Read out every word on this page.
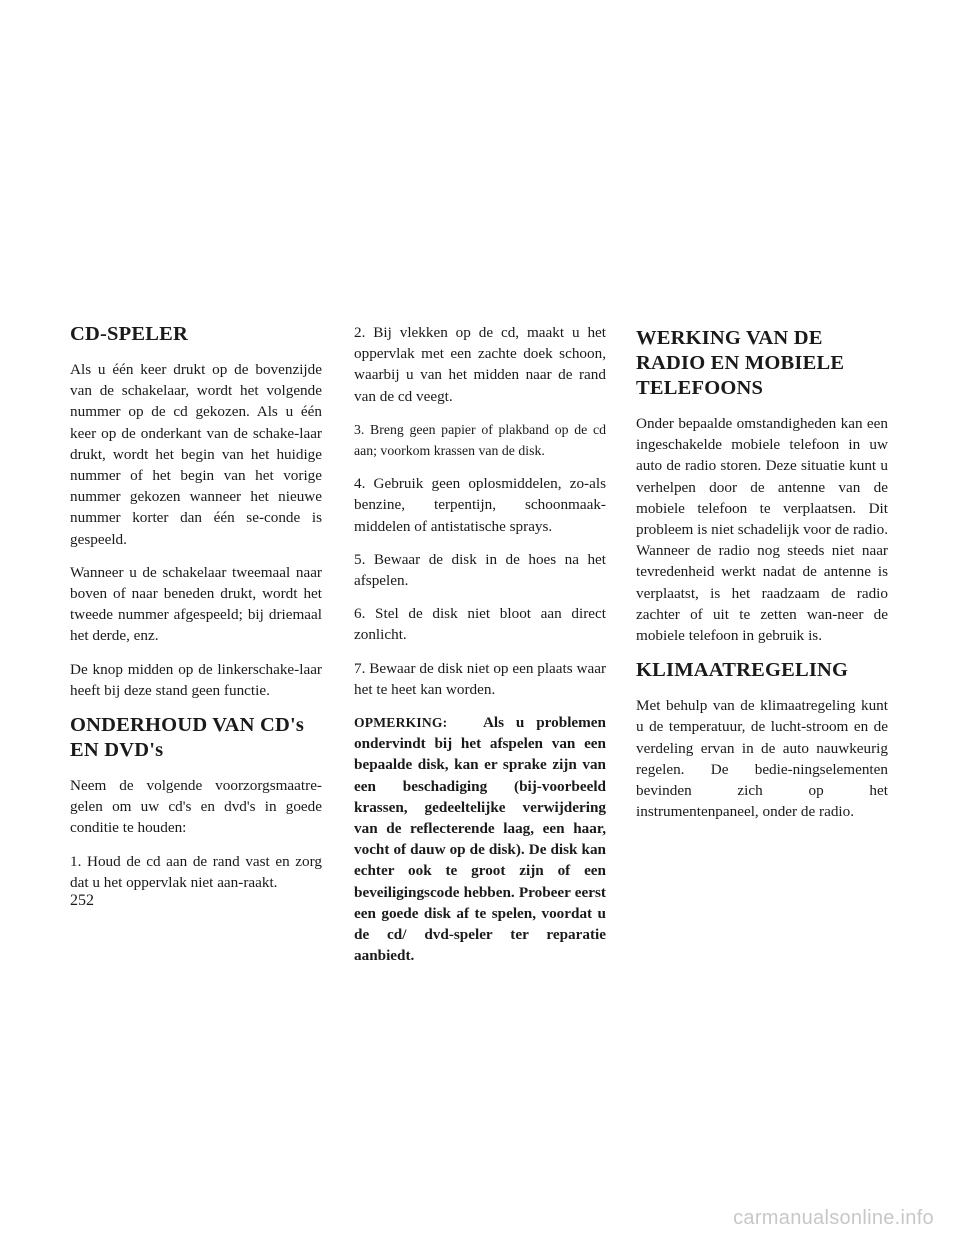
CD-SPELER

Als u één keer drukt op de bovenzijde van de schakelaar, wordt het volgende nummer op de cd gekozen. Als u één keer op de onderkant van de schake-laar drukt, wordt het begin van het huidige nummer of het begin van het vorige nummer gekozen wanneer het nieuwe nummer korter dan één se-conde is gespeeld.

Wanneer u de schakelaar tweemaal naar boven of naar beneden drukt, wordt het tweede nummer afgespeeld; bij driemaal het derde, enz.

De knop midden op de linkerschake-laar heeft bij deze stand geen functie.

ONDERHOUD VAN CD's EN DVD's

Neem de volgende voorzorgsmaatre-gelen om uw cd's en dvd's in goede conditie te houden:

1. Houd de cd aan de rand vast en zorg dat u het oppervlak niet aan-raakt.

2. Bij vlekken op de cd, maakt u het oppervlak met een zachte doek schoon, waarbij u van het midden naar de rand van de cd veegt.

3. Breng geen papier of plakband op de cd aan; voorkom krassen van de disk.

4. Gebruik geen oplosmiddelen, zo-als benzine, terpentijn, schoonmaak-middelen of antistatische sprays.

5. Bewaar de disk in de hoes na het afspelen.

6. Stel de disk niet bloot aan direct zonlicht.

7. Bewaar de disk niet op een plaats waar het te heet kan worden.

OPMERKING: Als u problemen ondervindt bij het afspelen van een bepaalde disk, kan er sprake zijn van een beschadiging (bij-voorbeeld krassen, gedeeltelijke verwijdering van de reflecterende laag, een haar, vocht of dauw op de disk). De disk kan echter ook te groot zijn of een beveiligingscode hebben. Probeer eerst een goede disk af te spelen, voordat u de cd/ dvd-speler ter reparatie aanbiedt.

WERKING VAN DE RADIO EN MOBIELE TELEFOONS

Onder bepaalde omstandigheden kan een ingeschakelde mobiele telefoon in uw auto de radio storen. Deze situatie kunt u verhelpen door de antenne van de mobiele telefoon te verplaatsen. Dit probleem is niet schadelijk voor de radio. Wanneer de radio nog steeds niet naar tevredenheid werkt nadat de antenne is verplaatst, is het raadzaam de radio zachter of uit te zetten wan-neer de mobiele telefoon in gebruik is.

KLIMAATREGELING

Met behulp van de klimaatregeling kunt u de temperatuur, de lucht-stroom en de verdeling ervan in de auto nauwkeurig regelen. De bedie-ningselementen bevinden zich op het instrumentenpaneel, onder de radio.

252
carmanualsonline.info
